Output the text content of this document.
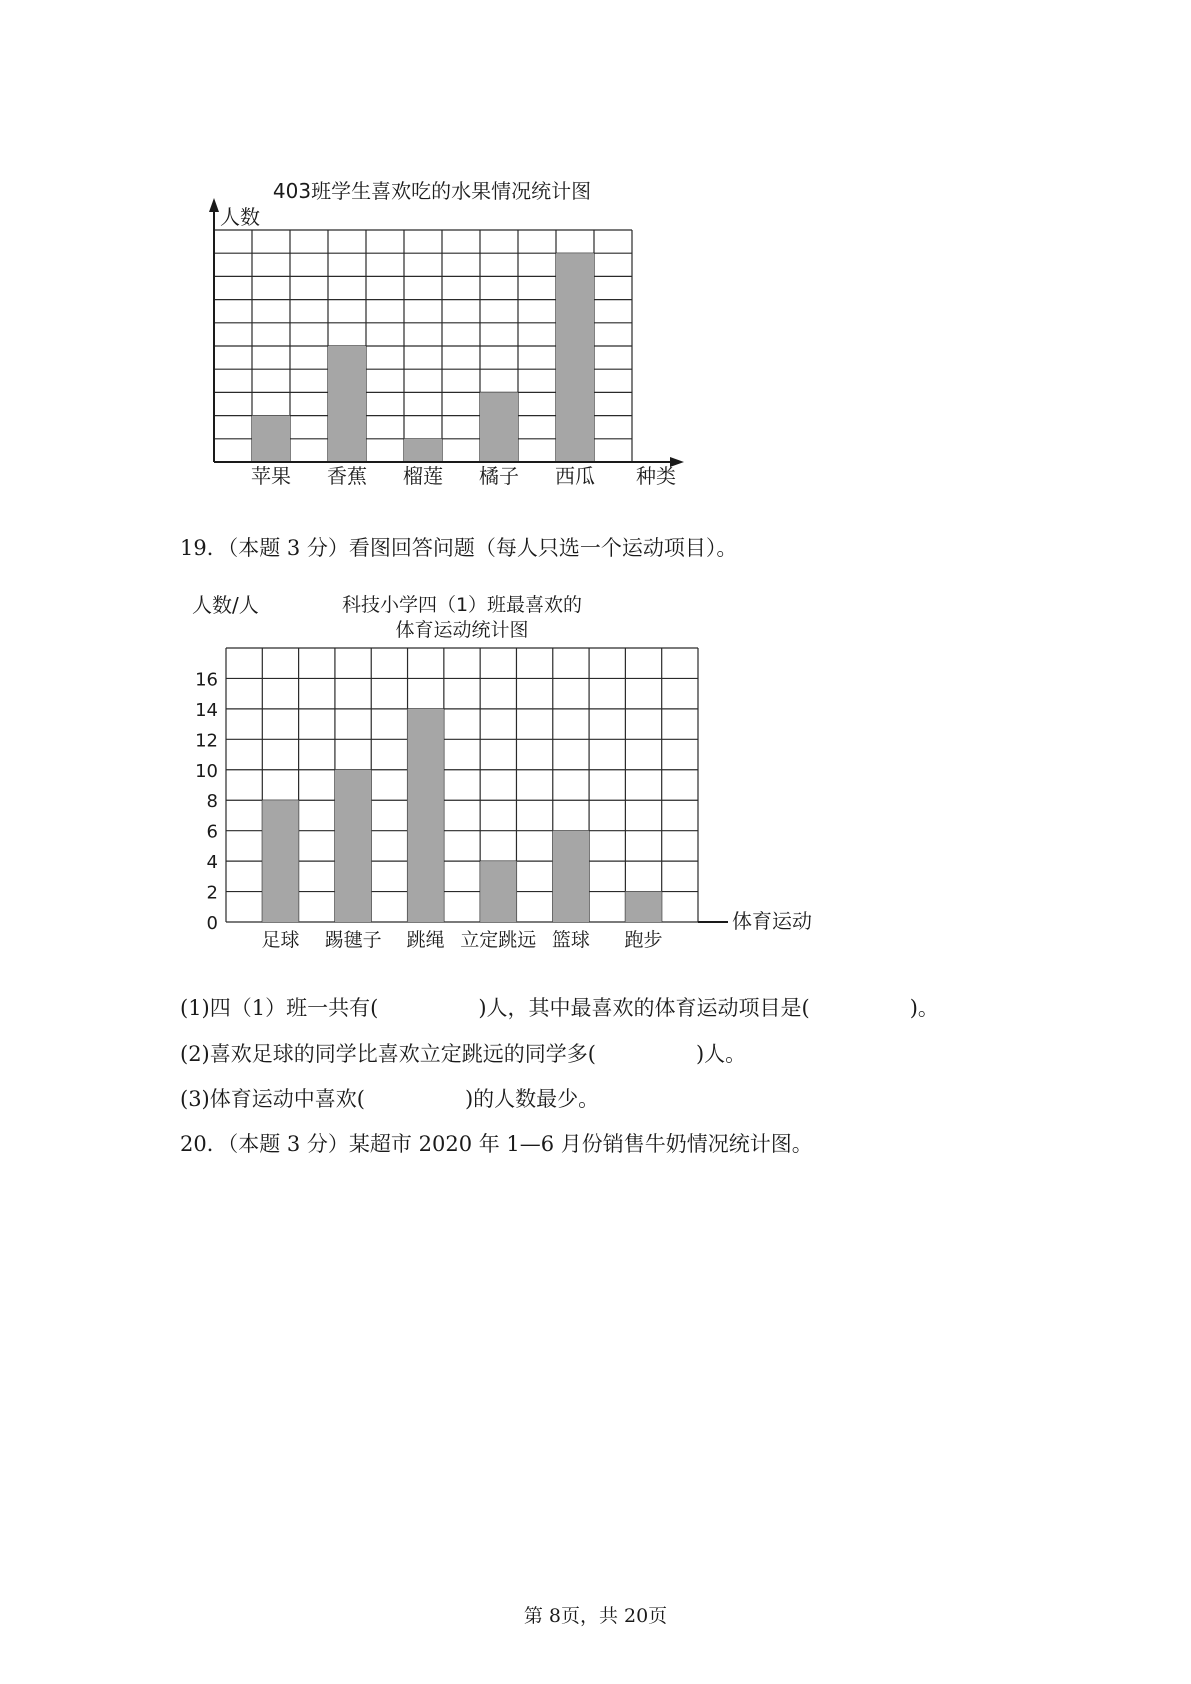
403班学生喜欢吃的水果情况统计图
人数
种类
苹果 香蕉 榴莲 橘子 西瓜
人数/人	科技小学四（1）班最喜欢的
体育运动统计图
体育运动
0
2
4
6
8
10
12
14
16
足球 踢毽子 跳绳 立定跳远 篮球 跑步
19．（本题 3 分）看图回答问题（每人只选一个运动项目）。
(1)四（1）班一共有(	)人，其中最喜欢的体育运动项目是(	)。
(2)喜欢足球的同学比喜欢立定跳远的同学多(	)人。
(3)体育运动中喜欢(	)的人数最少。
20．（本题 3 分）某超市 2020 年 1—6 月份销售牛奶情况统计图。
第 8页，共 20页
